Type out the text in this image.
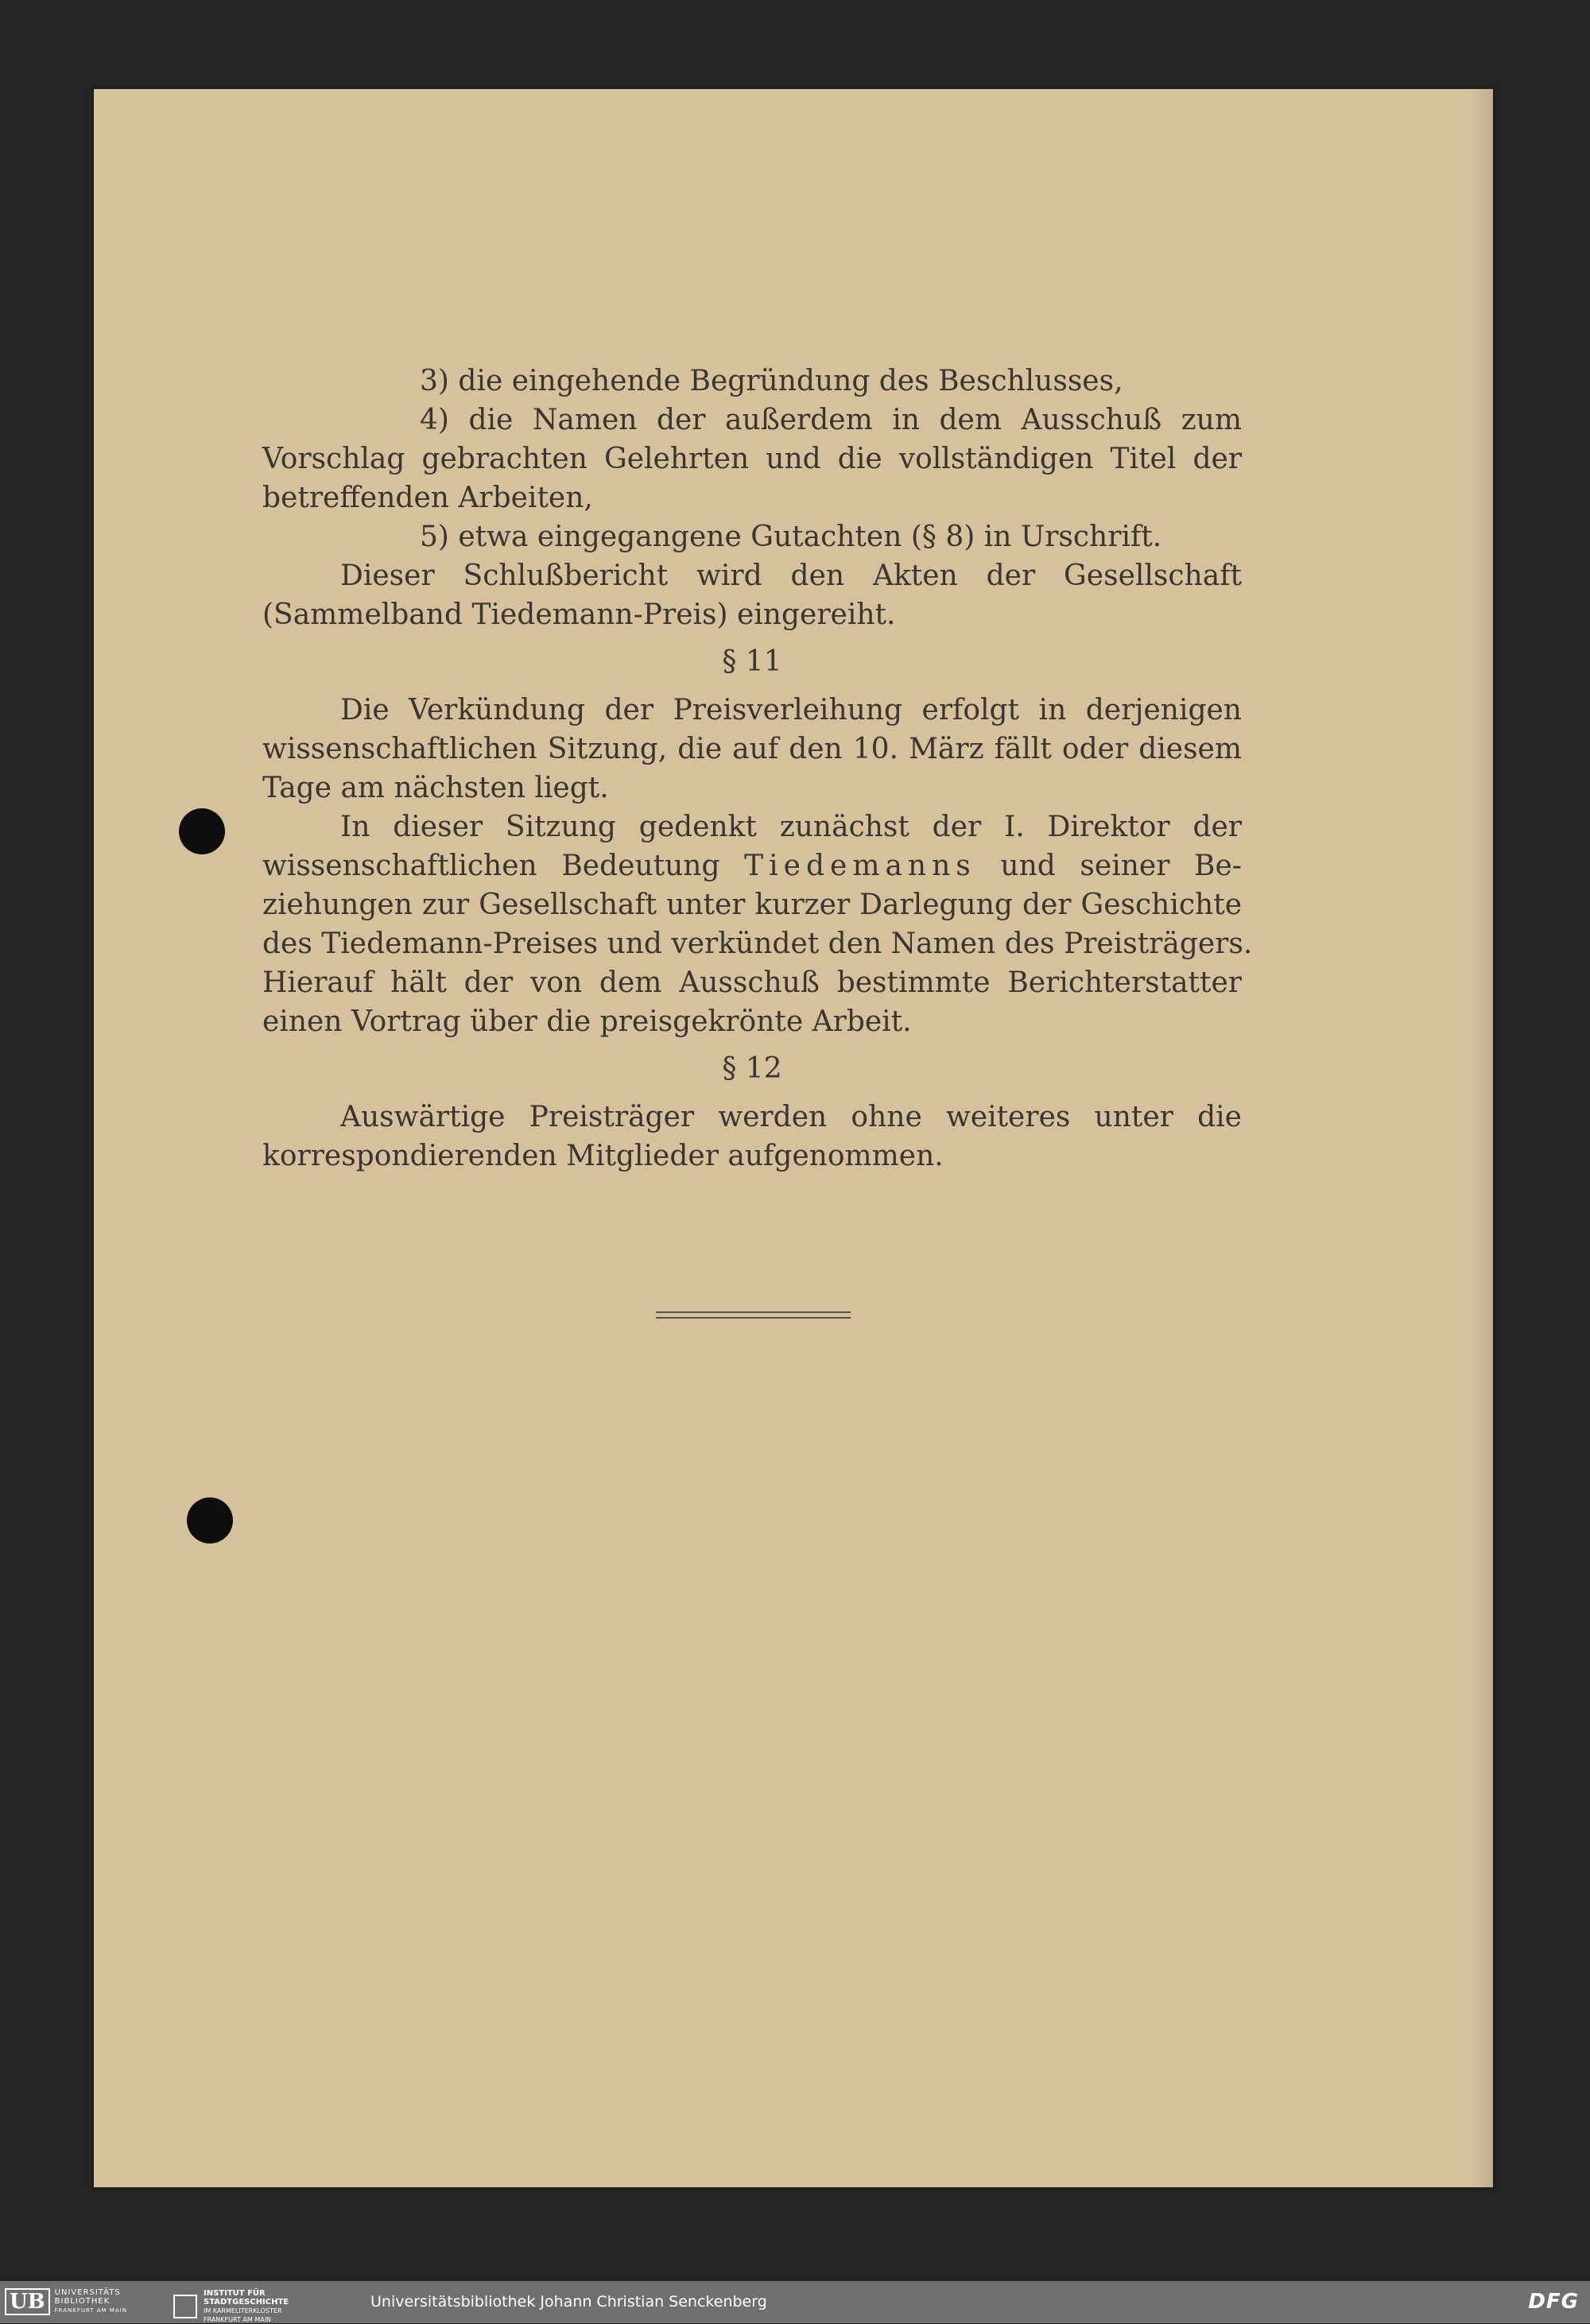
3) die eingehende Begründung des Beschlusses,
4) die Namen der außerdem in dem Ausschuß zum
Vorschlag gebrachten Gelehrten und die vollständigen Titel der
betreffenden Arbeiten,
5) etwa eingegangene Gutachten (§ 8) in Urschrift.
Dieser Schlußbericht wird den Akten der Gesellschaft
(Sammelband Tiedemann-Preis) eingereiht.
§ 11
Die Verkündung der Preisverleihung erfolgt in derjenigen
wissenschaftlichen Sitzung, die auf den 10. März fällt oder diesem
Tage am nächsten liegt.
In dieser Sitzung gedenkt zunächst der I. Direktor der
wissenschaftlichen Bedeutung Tiedemanns und seiner Be-
ziehungen zur Gesellschaft unter kurzer Darlegung der Geschichte
des Tiedemann-Preises und verkündet den Namen des Preisträgers.
Hierauf hält der von dem Ausschuß bestimmte Berichterstatter
einen Vortrag über die preisgekrönte Arbeit.
§ 12
Auswärtige Preisträger werden ohne weiteres unter die
korrespondierenden Mitglieder aufgenommen.
UB	UNIVERSITÄTS
BIBLIOTHEK
FRANKFURT AM MAIN
INSTITUT FÜR
STADTGESCHICHTE
IM KARMELITERKLOSTER
FRANKFURT AM MAIN
Universitätsbibliothek Johann Christian Senckenberg	DFG
